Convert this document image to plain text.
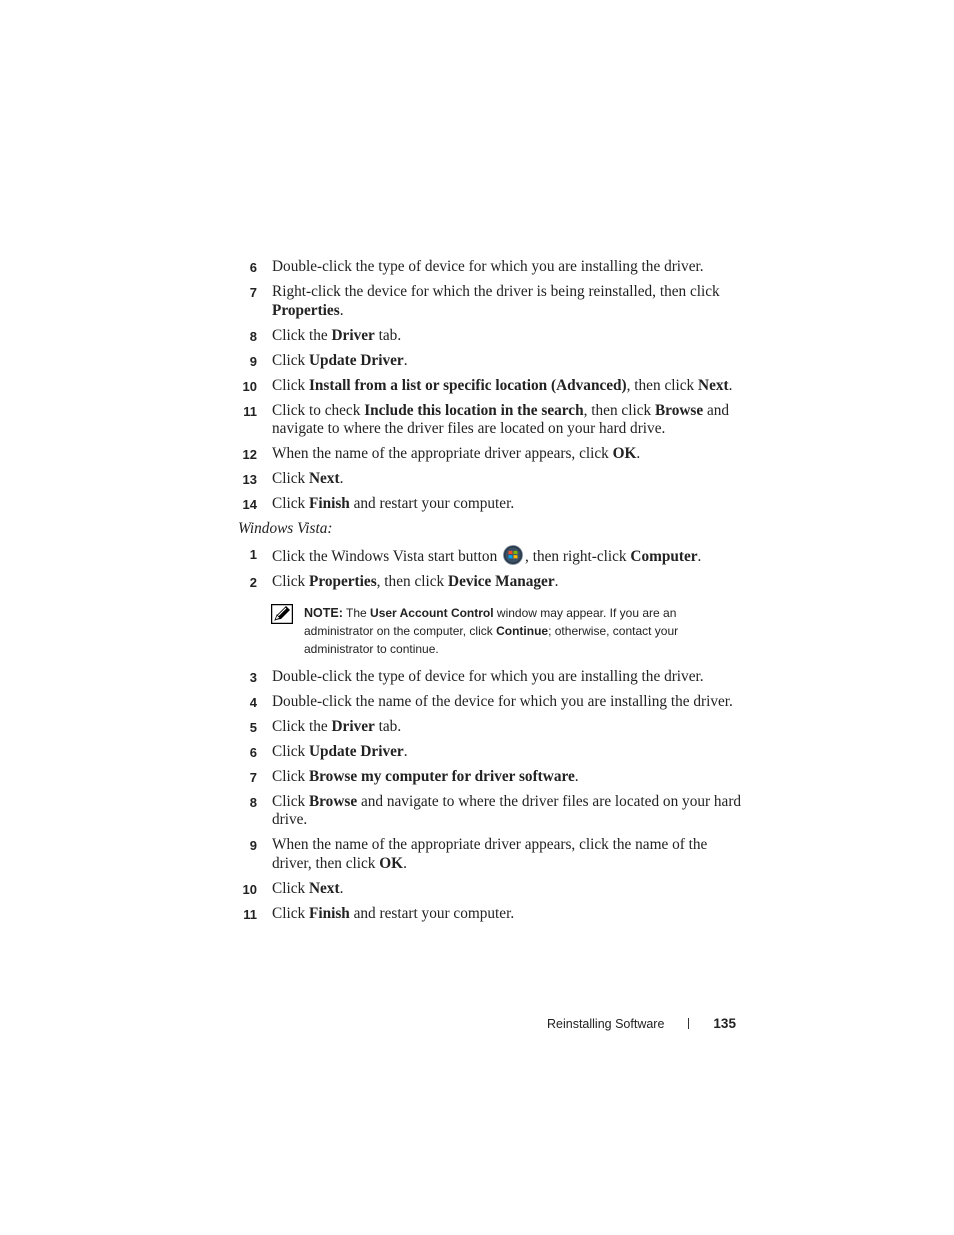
6 Double-click the type of device for which you are installing the driver.
7 Right-click the device for which the driver is being reinstalled, then click Properties.
8 Click the Driver tab.
9 Click Update Driver.
10 Click Install from a list or specific location (Advanced), then click Next.
11 Click to check Include this location in the search, then click Browse and navigate to where the driver files are located on your hard drive.
12 When the name of the appropriate driver appears, click OK.
13 Click Next.
14 Click Finish and restart your computer.
Windows Vista:
1 Click the Windows Vista start button , then right-click Computer.
2 Click Properties, then click Device Manager.
NOTE: The User Account Control window may appear. If you are an administrator on the computer, click Continue; otherwise, contact your administrator to continue.
3 Double-click the type of device for which you are installing the driver.
4 Double-click the name of the device for which you are installing the driver.
5 Click the Driver tab.
6 Click Update Driver.
7 Click Browse my computer for driver software.
8 Click Browse and navigate to where the driver files are located on your hard drive.
9 When the name of the appropriate driver appears, click the name of the driver, then click OK.
10 Click Next.
11 Click Finish and restart your computer.
Reinstalling Software	135
